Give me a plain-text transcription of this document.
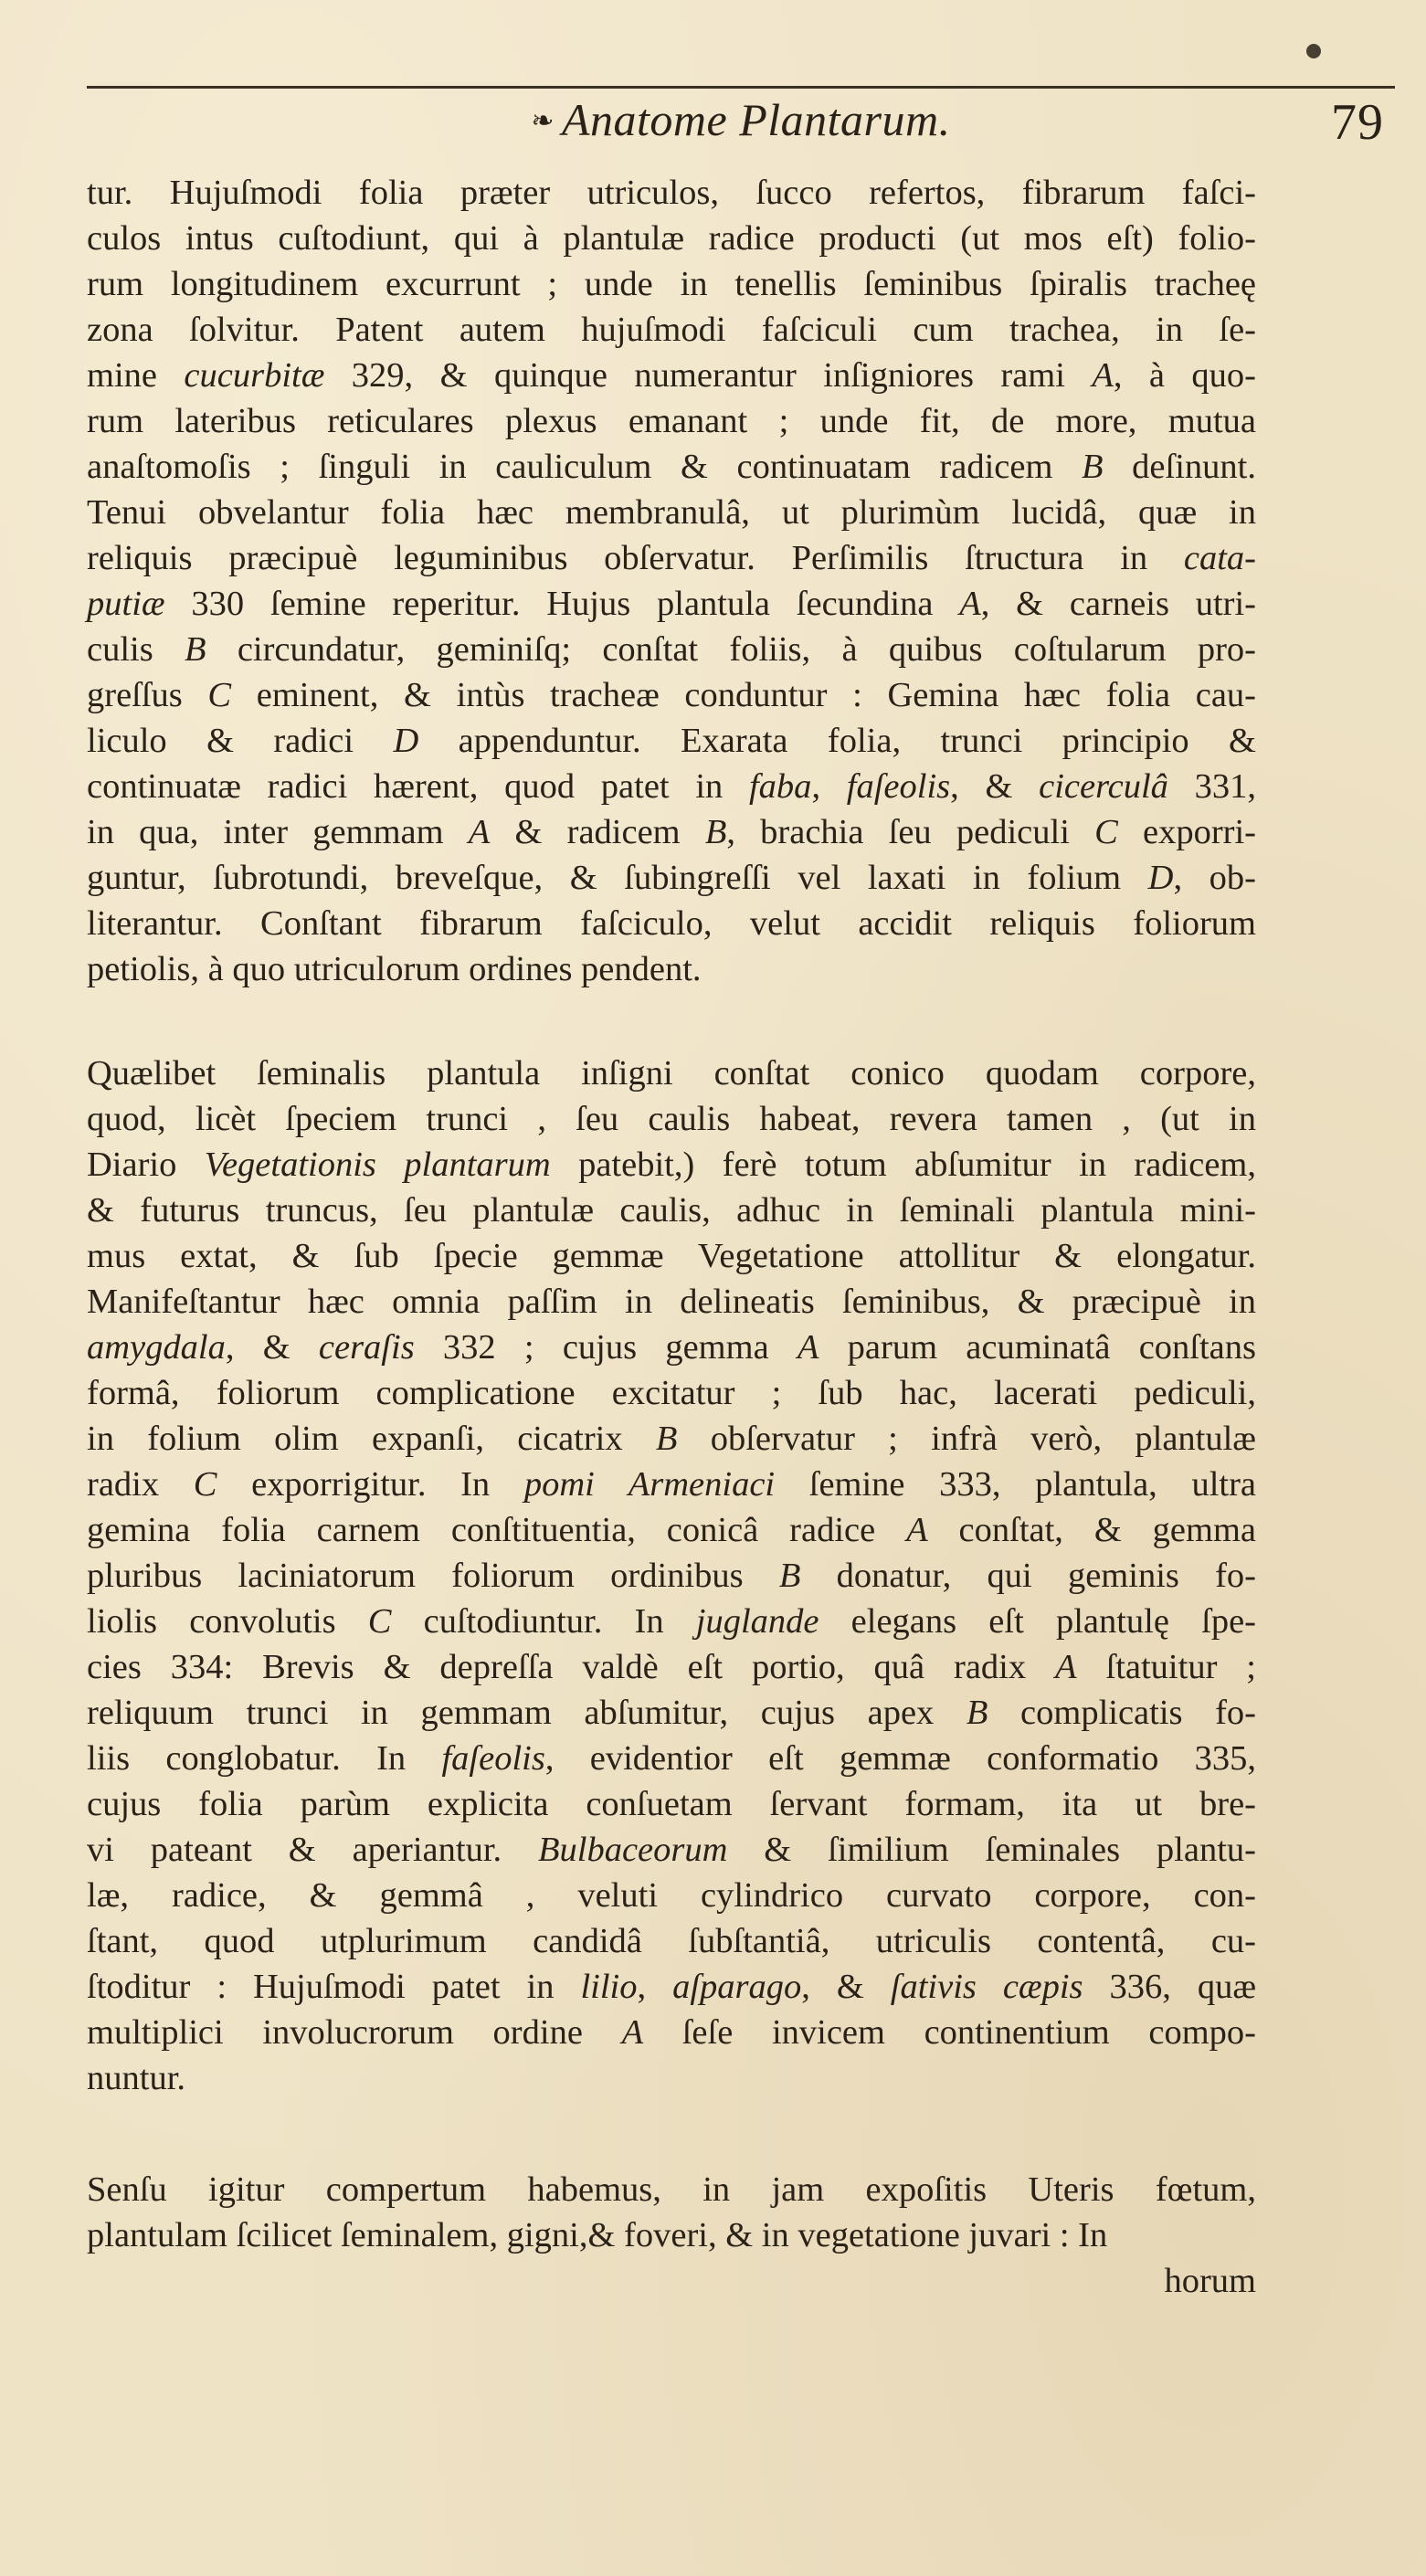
❧ Anatome Plantarum.	79
tur. Hujuſmodi folia præter utriculos, ſucco refertos, fibrarum faſci-
culos intus cuſtodiunt, qui à plantulæ radice producti (ut mos eſt) folio-
rum longitudinem excurrunt ; unde in tenellis ſeminibus ſpiralis tracheę
zona ſolvitur. Patent autem hujuſmodi faſciculi cum trachea, in ſe-
mine cucurbitæ 329, & quinque numerantur inſigniores rami A, à quo-
rum lateribus reticulares plexus emanant ; unde fit, de more, mutua
anaſtomoſis ; ſinguli in cauliculum & continuatam radicem B deſinunt.
Tenui obvelantur folia hæc membranulâ, ut plurimùm lucidâ, quæ in
reliquis præcipuè leguminibus obſervatur. Perſimilis ſtructura in cata-
putiæ 330 ſemine reperitur. Hujus plantula ſecundina A, & carneis utri-
culis B circundatur, geminiſq; conſtat foliis, à quibus coſtularum pro-
greſſus C eminent, & intùs tracheæ conduntur : Gemina hæc folia cau-
liculo & radici D appenduntur. Exarata folia, trunci principio &
continuatæ radici hærent, quod patet in faba, faſeolis, & cicerculâ 331,
in qua, inter gemmam A & radicem B, brachia ſeu pediculi C exporri-
guntur, ſubrotundi, breveſque, & ſubingreſſi vel laxati in folium D, ob-
literantur. Conſtant fibrarum faſciculo, velut accidit reliquis foliorum
petiolis, à quo utriculorum ordines pendent.
Quælibet ſeminalis plantula inſigni conſtat conico quodam corpore,
quod, licèt ſpeciem trunci , ſeu caulis habeat, revera tamen , (ut in
Diario Vegetationis plantarum patebit,) ferè totum abſumitur in radicem,
& futurus truncus, ſeu plantulæ caulis, adhuc in ſeminali plantula mini-
mus extat, & ſub ſpecie gemmæ Vegetatione attollitur & elongatur.
Manifeſtantur hæc omnia paſſim in delineatis ſeminibus, & præcipuè in
amygdala, & ceraſis 332 ; cujus gemma A parum acuminatâ conſtans
formâ, foliorum complicatione excitatur ; ſub hac, lacerati pediculi,
in folium olim expanſi, cicatrix B obſervatur ; infrà verò, plantulæ
radix C exporrigitur. In pomi Armeniaci ſemine 333, plantula, ultra
gemina folia carnem conſtituentia, conicâ radice A conſtat, & gemma
pluribus laciniatorum foliorum ordinibus B donatur, qui geminis fo-
liolis convolutis C cuſtodiuntur. In juglande elegans eſt plantulę ſpe-
cies 334: Brevis & depreſſa valdè eſt portio, quâ radix A ſtatuitur ;
reliquum trunci in gemmam abſumitur, cujus apex B complicatis fo-
liis conglobatur. In faſeolis, evidentior eſt gemmæ conformatio 335,
cujus folia parùm explicita conſuetam ſervant formam, ita ut bre-
vi pateant & aperiantur. Bulbaceorum & ſimilium ſeminales plantu-
læ, radice, & gemmâ , veluti cylindrico curvato corpore, con-
ſtant, quod utplurimum candidâ ſubſtantiâ, utriculis contentâ, cu-
ſtoditur : Hujuſmodi patet in lilio, aſparago, & ſativis cæpis 336, quæ
multiplici involucrorum ordine A ſeſe invicem continentium compo-
nuntur.
Senſu igitur compertum habemus, in jam expoſitis Uteris fœtum,
plantulam ſcilicet ſeminalem, gigni,& foveri, & in vegetatione juvari : In
horum
